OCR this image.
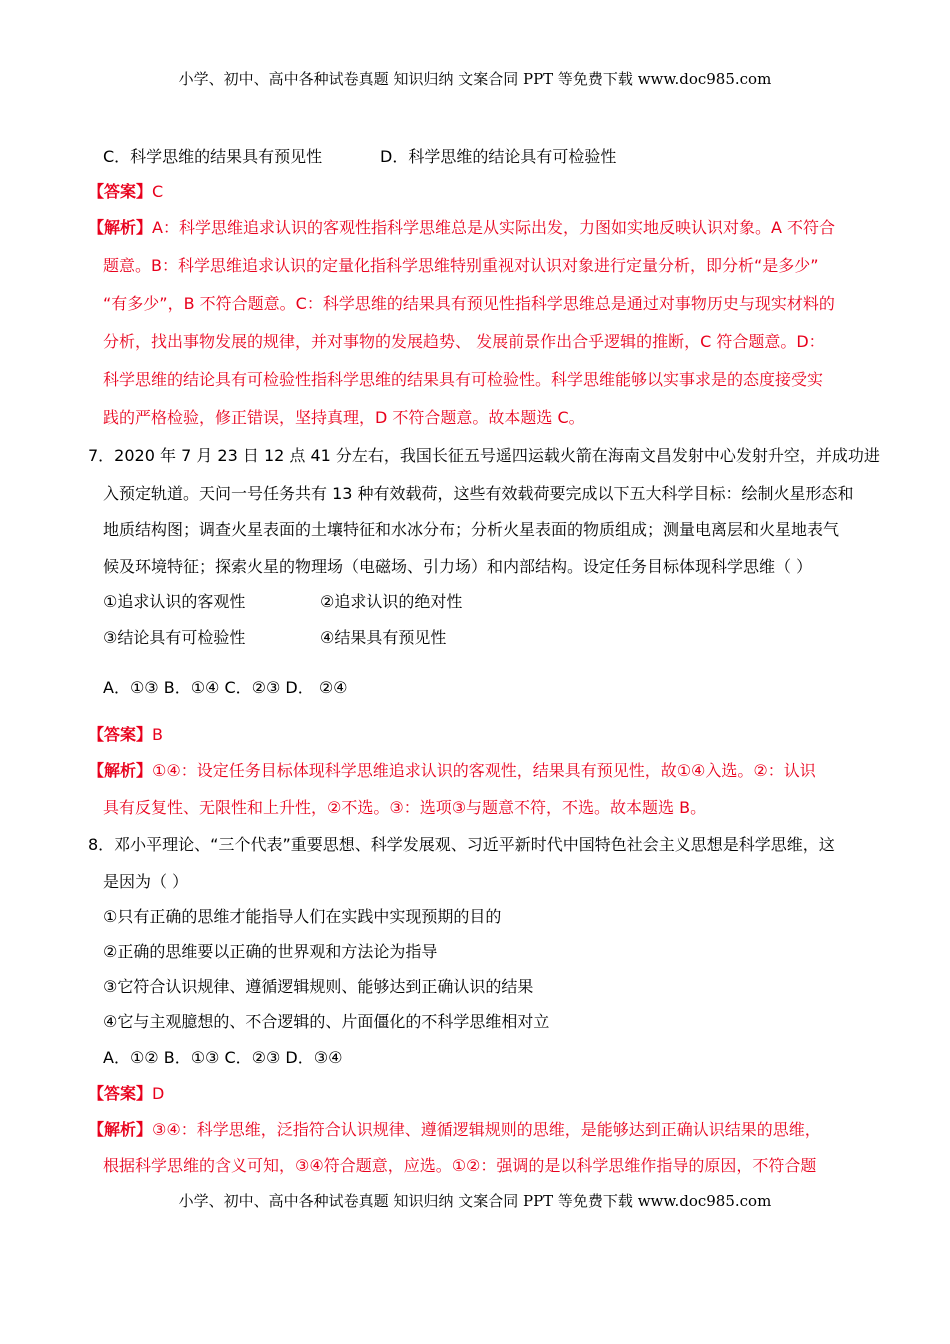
小学、初中、高中各种试卷真题 知识归纳 文案合同 PPT 等免费下载 www.doc985.com
C．科学思维的结果具有预见性	D．科学思维的结论具有可检验性
【答案】C
【解析】A：科学思维追求认识的客观性指科学思维总是从实际出发，力图如实地反映认识对象。A 不符合
题意。B：科学思维追求认识的定量化指科学思维特别重视对认识对象进行定量分析，即分析“是多少”
“有多少”，B 不符合题意。C：科学思维的结果具有预见性指科学思维总是通过对事物历史与现实材料的
分析，找出事物发展的规律，并对事物的发展趋势、 发展前景作出合乎逻辑的推断，C 符合题意。D：
科学思维的结论具有可检验性指科学思维的结果具有可检验性。科学思维能够以实事求是的态度接受实
践的严格检验，修正错误，坚持真理，D 不符合题意。故本题选 C。
7．2020 年 7 月 23 日 12 点 41 分左右，我国长征五号遥四运载火箭在海南文昌发射中心发射升空，并成功进
入预定轨道。天问一号任务共有 13 种有效载荷，这些有效载荷要完成以下五大科学目标：绘制火星形态和
地质结构图；调查火星表面的土壤特征和水冰分布；分析火星表面的物质组成；测量电离层和火星地表气
候及环境特征；探索火星的物理场（电磁场、引力场）和内部结构。设定任务目标体现科学思维（ ）
①追求认识的客观性	②追求认识的绝对性
③结论具有可检验性	④结果具有预见性
A．①③ B．①④ C．②③ D． ②④
【答案】B
【解析】①④：设定任务目标体现科学思维追求认识的客观性，结果具有预见性，故①④入选。②：认识
具有反复性、无限性和上升性，②不选。③：选项③与题意不符，不选。故本题选 B。
8．邓小平理论、“三个代表”重要思想、科学发展观、习近平新时代中国特色社会主义思想是科学思维，这
是因为（ ）
①只有正确的思维才能指导人们在实践中实现预期的目的
②正确的思维要以正确的世界观和方法论为指导
③它符合认识规律、遵循逻辑规则、能够达到正确认识的结果
④它与主观臆想的、不合逻辑的、片面僵化的不科学思维相对立
A．①② B．①③ C．②③ D．③④
【答案】D
【解析】③④：科学思维，泛指符合认识规律、遵循逻辑规则的思维，是能够达到正确认识结果的思维，
根据科学思维的含义可知，③④符合题意，应选。①②：强调的是以科学思维作指导的原因，不符合题
小学、初中、高中各种试卷真题 知识归纳 文案合同 PPT 等免费下载 www.doc985.com
